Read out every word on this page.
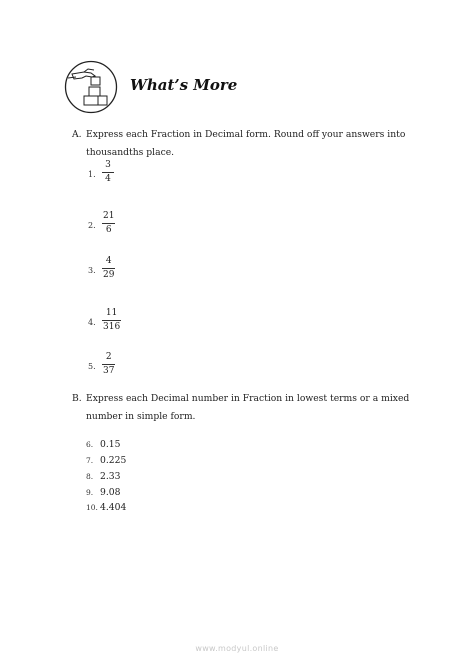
What’s More
A. Express each Fraction in Decimal form. Round off your answers into thousandths place.
1.
3
4
2.
21
6
3.
4
29
4.
11
316
5.
2
37
B. Express each Decimal number in Fraction in lowest terms or a mixed number in simple form.
6. 0.15
7. 0.225
8. 2.33
9. 9.08
10. 4.404
www.modyul.online
